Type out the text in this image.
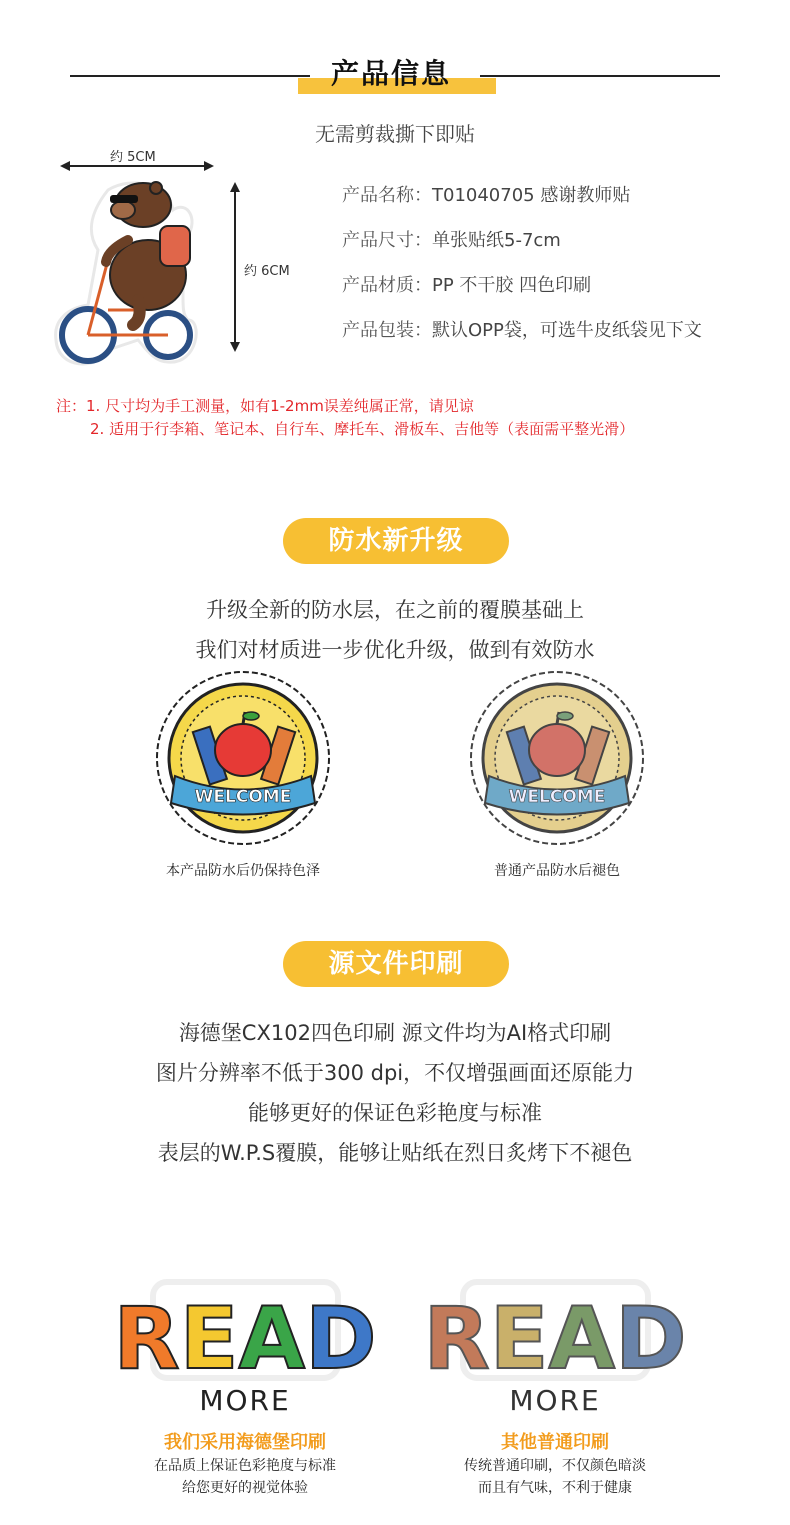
产品信息
无需剪裁撕下即贴
约 5CM
约 6CM
产品名称：T01040705 感谢教师贴
产品尺寸：单张贴纸5-7cm
产品材质：PP 不干胶 四色印刷
产品包装：默认OPP袋，可选牛皮纸袋见下文
注：1. 尺寸均为手工测量，如有1-2mm误差纯属正常，请见谅
2. 适用于行李箱、笔记本、自行车、摩托车、滑板车、吉他等（表面需平整光滑）
防水新升级
升级全新的防水层，在之前的覆膜基础上
我们对材质进一步优化升级，做到有效防水
WELCOME	WELCOME
本产品防水后仍保持色泽	普通产品防水后褪色
源文件印刷
海德堡CX102四色印刷 源文件均为AI格式印刷
图片分辨率不低于300 dpi，不仅增强画面还原能力
能够更好的保证色彩艳度与标准
表层的W.P.S覆膜，能够让贴纸在烈日炙烤下不褪色
READ
MORE
READ
MORE
我们采用海德堡印刷
在品质上保证色彩艳度与标准
给您更好的视觉体验
其他普通印刷
传统普通印刷，不仅颜色暗淡
而且有气味，不利于健康
